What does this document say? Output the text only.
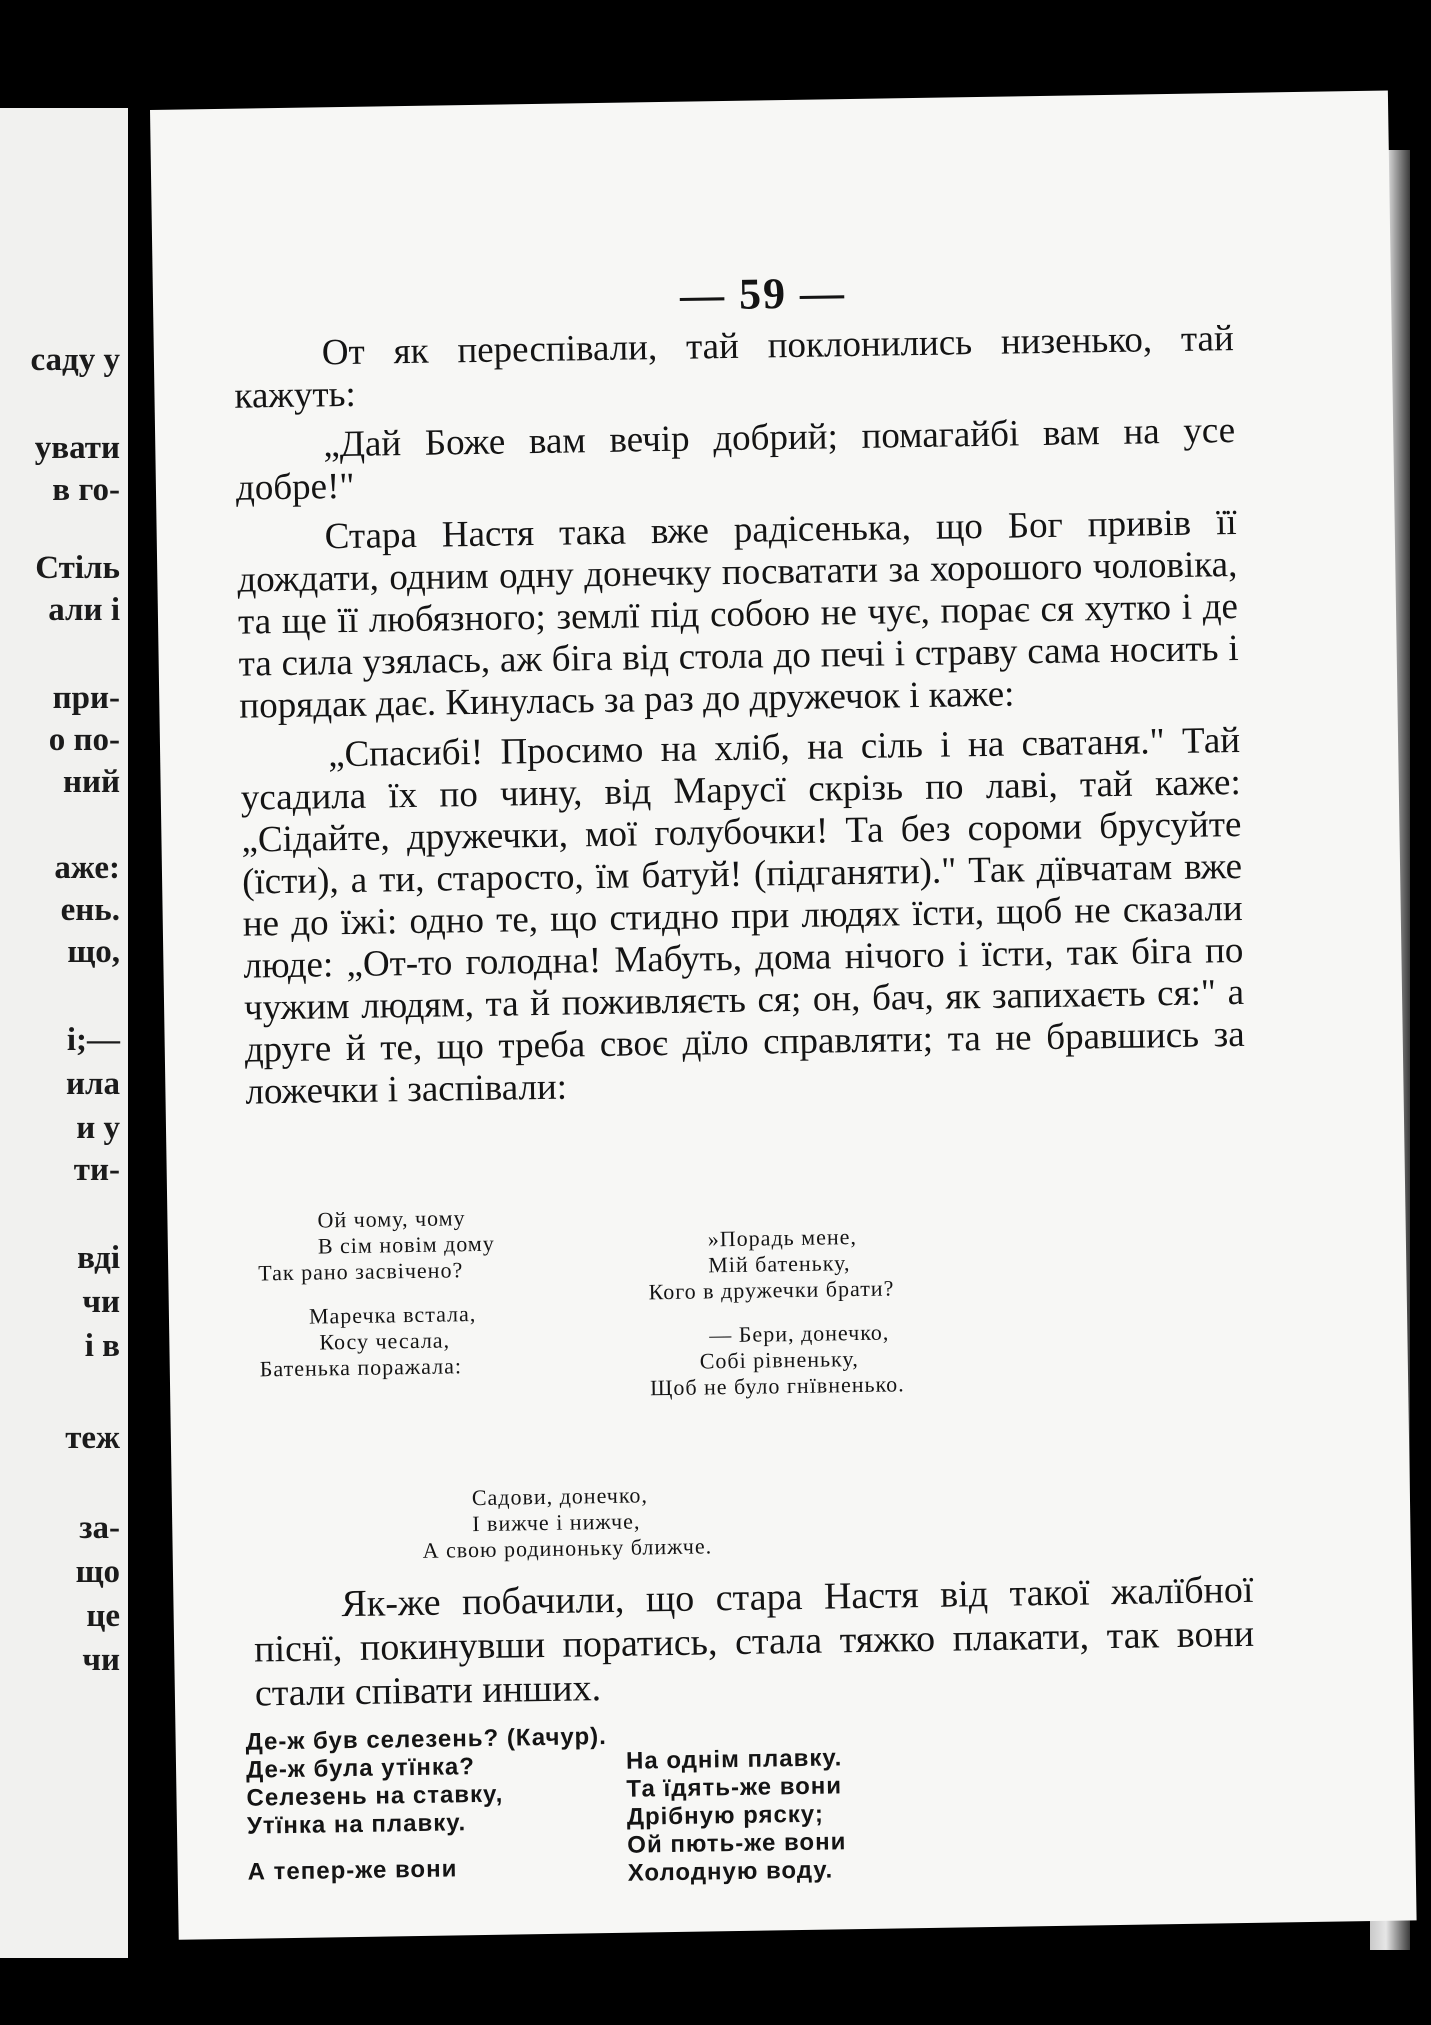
саду у
увати
в го-
Стіль
али і
при-
о по-
ний
аже:
ень.
що,
і;—
ила
и у
ти-
вді
чи
і в
теж
за-
що
це
чи
— 59 —

От як переспівали, тай поклонились низенько, тай кажуть:

„Дай Боже вам вечір добрий; помагайбі вам на усе добре!"

Стара Настя така вже радісенька, що Бог привів її дождати, одним одну донечку посватати за хорошого чоловіка, та ще її любязного; землї під собою не чує, порає ся хутко і де та сила узялась, аж біга від стола до печі і страву сама носить і порядак дає. Кинулась за раз до дружечок і каже:

„Спасибі! Просимо на хліб, на сіль і на сватаня." Тай усадила їх по чину, від Марусї скрізь по лаві, тай каже: „Сідайте, дружечки, мої голубочки! Та без сороми брусуйте (їсти), а ти, старосто, їм батуй! (підганяти)." Так дївчатам вже не до їжі: одно те, що стидно при людях їсти, щоб не сказали люде: „От-то голодна! Мабуть, дома нічого і їсти, так біга по чужим людям, та й поживляєть ся; он, бач, як запихаєть ся:" а друге й те, що треба своє дїло справляти; та не бравшись за ложечки і заспівали:

Ой чому, чому
В сім новім дому
Так рано засвічено?
Маречка встала,
Косу чесала,
Батенька поражала:
»Порадь мене,
Мій батеньку,
Кого в дружечки брати?
— Бери, донечко,
Собі рівненьку,
Щоб не було гнївненько.
Садови, донечко,
І вижче і нижче,
А свою родиноньку ближче.

Як-же побачили, що стара Настя від такої жалїбної піснї, покинувши поратись, стала тяжко плакати, так вони стали співати инших.

Де-ж був селезень? (Качур).
Де-ж була утїнка?
Селезень на ставку,
Утїнка на плавку.
А тепер-же вони
На однім плавку.
Та їдять-же вони
Дрібную ряску;
Ой пють-же вони
Холодную воду.
